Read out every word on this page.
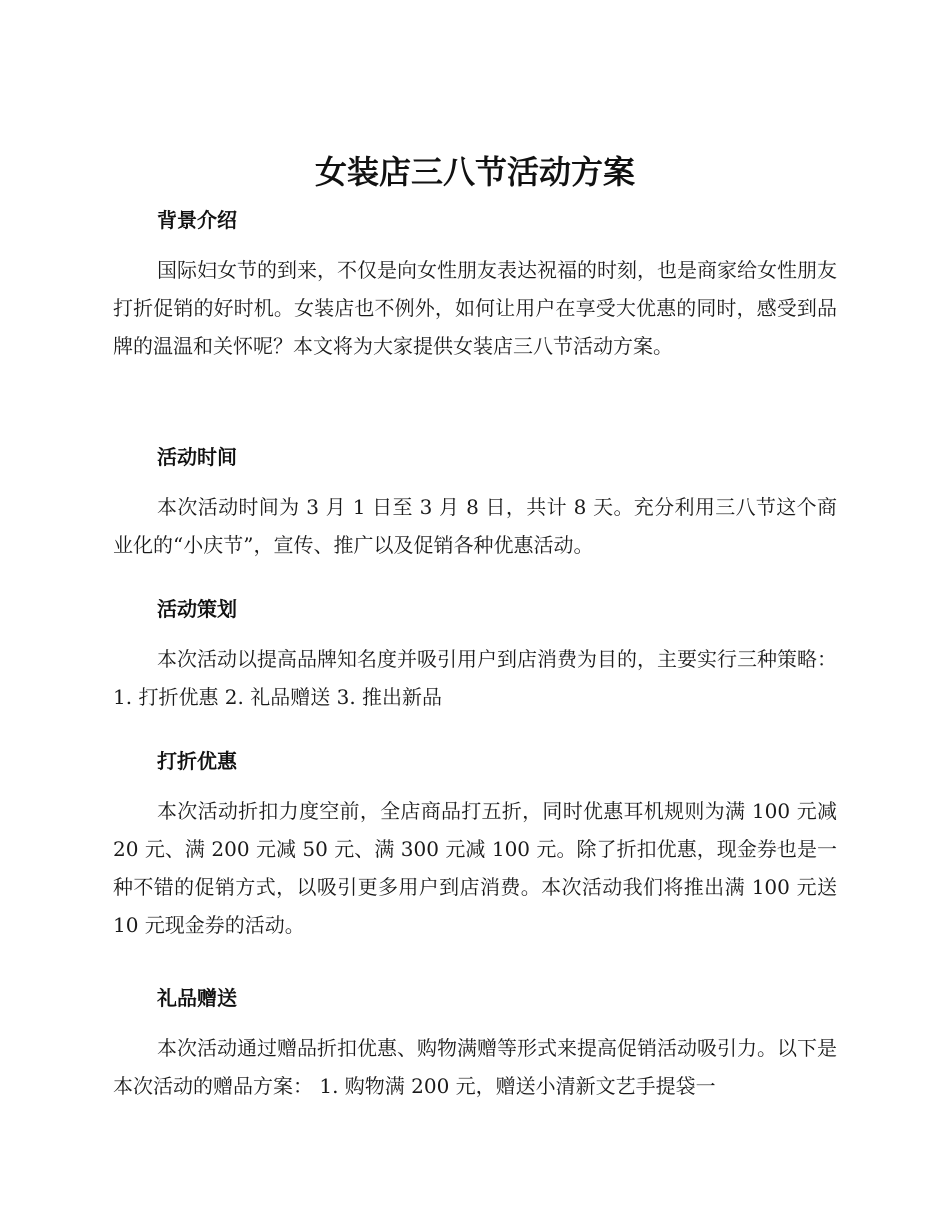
女装店三八节活动方案
背景介绍

国际妇女节的到来，不仅是向女性朋友表达祝福的时刻，也是商家给女性朋友打折促销的好时机。女装店也不例外，如何让用户在享受大优惠的同时，感受到品牌的温温和关怀呢？本文将为大家提供女装店三八节活动方案。

活动时间

本次活动时间为 3 月 1 日至 3 月 8 日，共计 8 天。充分利用三八节这个商业化的“小庆节”，宣传、推广以及促销各种优惠活动。

活动策划

本次活动以提高品牌知名度并吸引用户到店消费为目的，主要实行三种策略： 1. 打折优惠 2. 礼品赠送 3. 推出新品

打折优惠

本次活动折扣力度空前，全店商品打五折，同时优惠耳机规则为满 100 元减 20 元、满 200 元减 50 元、满 300 元减 100 元。除了折扣优惠，现金券也是一种不错的促销方式，以吸引更多用户到店消费。本次活动我们将推出满 100 元送 10 元现金券的活动。

礼品赠送

本次活动通过赠品折扣优惠、购物满赠等形式来提高促销活动吸引力。以下是本次活动的赠品方案： 1. 购物满 200 元，赠送小清新文艺手提袋一
